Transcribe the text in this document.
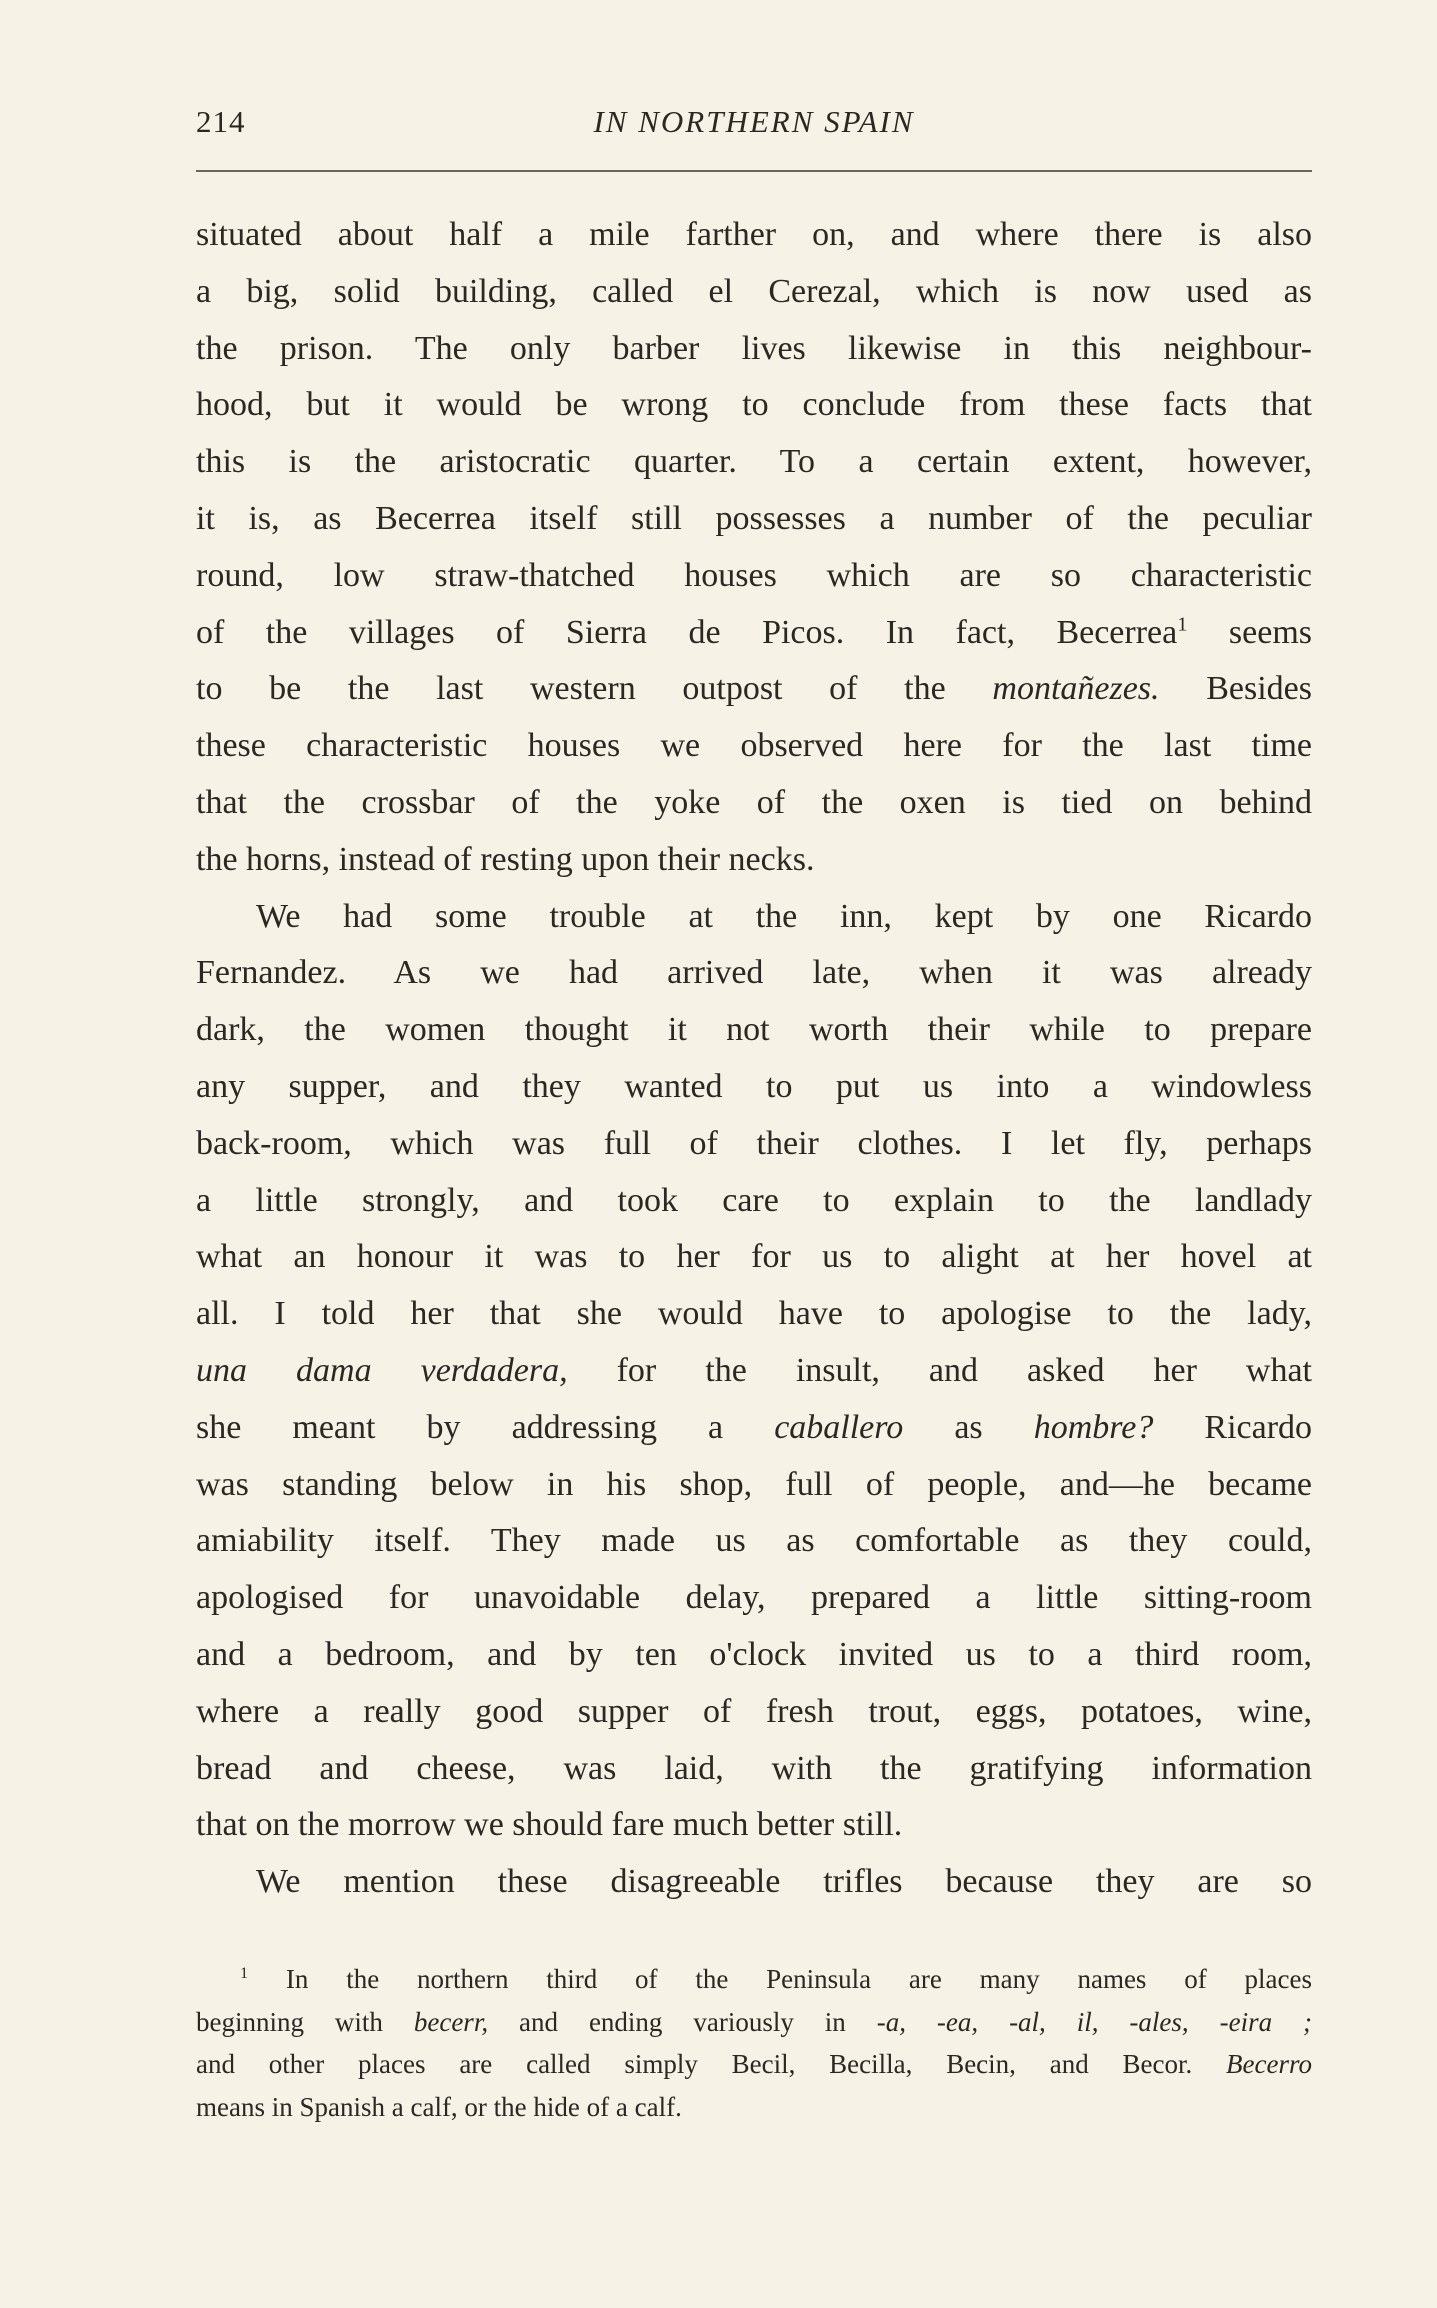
214	IN NORTHERN SPAIN
situated about half a mile farther on, and where there is also
a big, solid building, called el Cerezal, which is now used as
the prison. The only barber lives likewise in this neighbour-
hood, but it would be wrong to conclude from these facts that
this is the aristocratic quarter. To a certain extent, however,
it is, as Becerrea itself still possesses a number of the peculiar
round, low straw-thatched houses which are so characteristic
of the villages of Sierra de Picos. In fact, Becerrea$^1$ seems
to be the last western outpost of the montañezes. Besides
these characteristic houses we observed here for the last time
that the crossbar of the yoke of the oxen is tied on behind
the horns, instead of resting upon their necks.
We had some trouble at the inn, kept by one Ricardo
Fernandez. As we had arrived late, when it was already
dark, the women thought it not worth their while to prepare
any supper, and they wanted to put us into a windowless
back-room, which was full of their clothes. I let fly, perhaps
a little strongly, and took care to explain to the landlady
what an honour it was to her for us to alight at her hovel at
all. I told her that she would have to apologise to the lady,
una dama verdadera, for the insult, and asked her what
she meant by addressing a caballero as hombre? Ricardo
was standing below in his shop, full of people, and—he became
amiability itself. They made us as comfortable as they could,
apologised for unavoidable delay, prepared a little sitting-room
and a bedroom, and by ten o'clock invited us to a third room,
where a really good supper of fresh trout, eggs, potatoes, wine,
bread and cheese, was laid, with the gratifying information
that on the morrow we should fare much better still.
We mention these disagreeable trifles because they are so
$^1$ In the northern third of the Peninsula are many names of places
beginning with becerr, and ending variously in -a, -ea, -al, il, -ales, -eira ;
and other places are called simply Becil, Becilla, Becin, and Becor. Becerro
means in Spanish a calf, or the hide of a calf.
